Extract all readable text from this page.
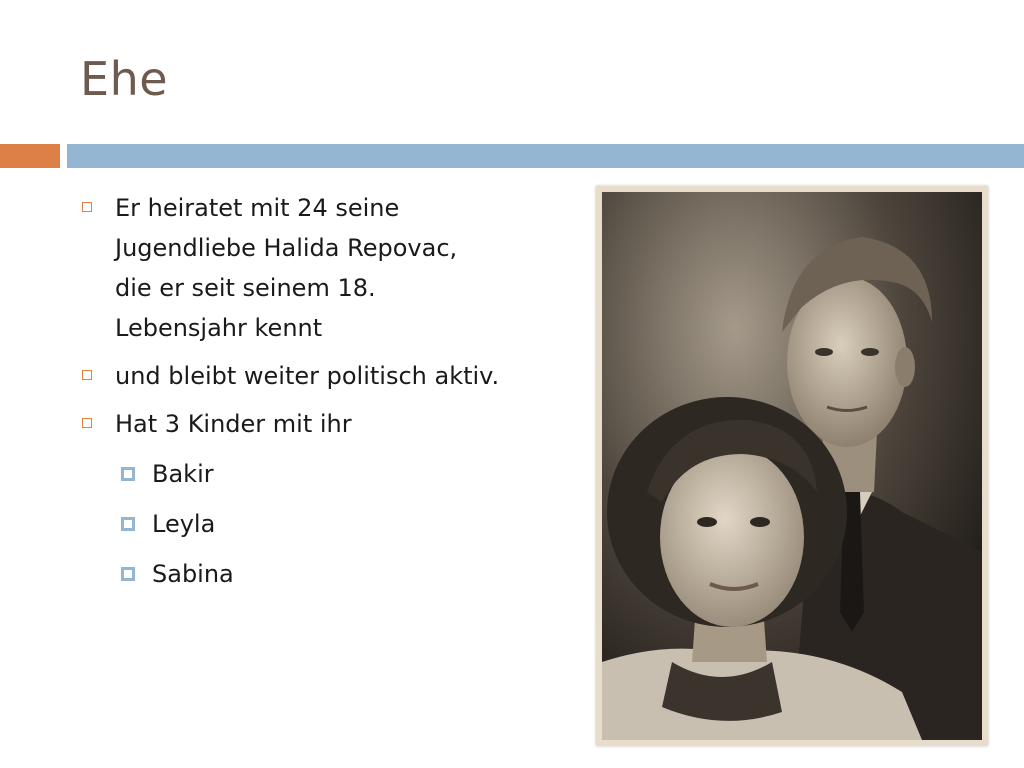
Ehe
Er heiratet mit 24 seine Jugendliebe Halida Repovac, die er seit seinem 18. Lebensjahr kennt
und bleibt weiter politisch aktiv.
Hat 3 Kinder mit ihr
Bakir
Leyla
Sabina
